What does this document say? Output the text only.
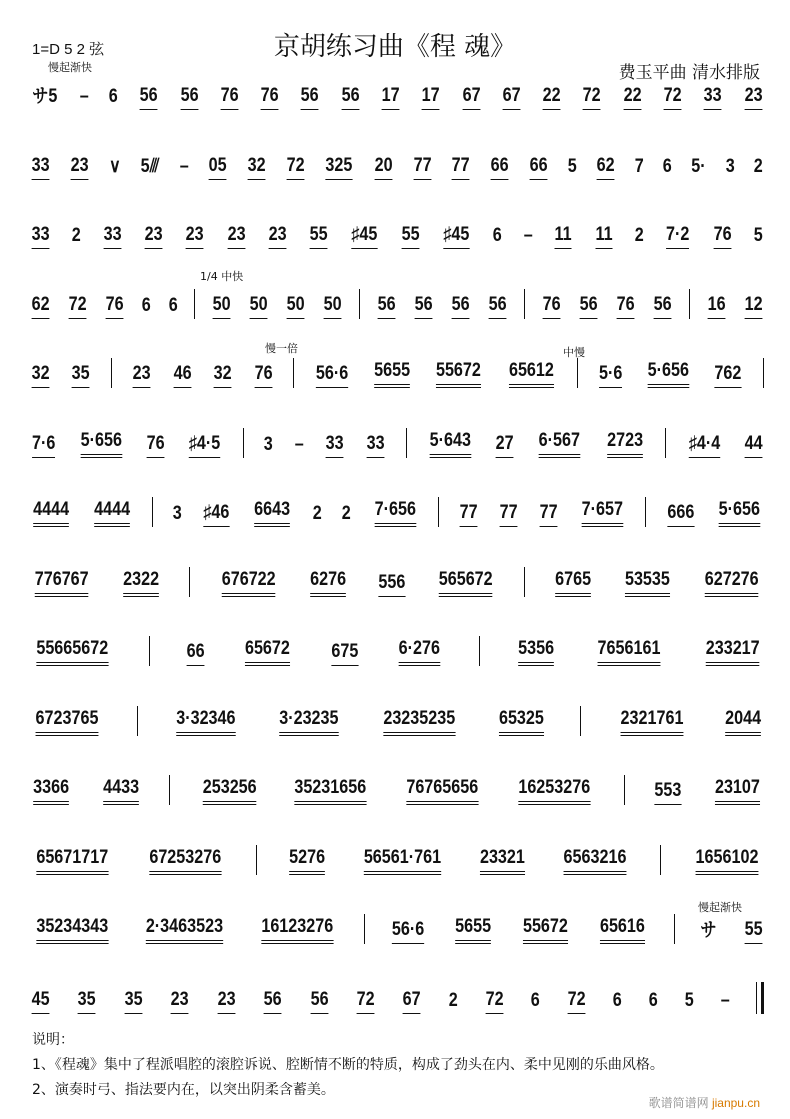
京胡练习曲《程 魂》
1=D 5 2 弦
费玉平曲 清水排版
慢起渐快
1/4 中快
慢一倍	中慢
慢起渐快
サ5 – 6 56 56 76 76 56 56 17 17 67 67 22 72 22 72 33 23
33 23 ∨ 5⫻ – 05 32 72 325 20 77 77 66 66 5 62 7 6 5· 3 2
33 2 33 23 23 23 23 55 ♯45 55 ♯45 6 – 11 11 2 7·2 76 5
62 72 76 6 6 50 50 50 50 56 56 56 56 76 56 76 56 16 12
32 35 23 46 32 76 56·6 5655 55672 65612 5·6 5·656 762
7·6 5·656 76 ♯4·5 3 – 33 33 5·643 27 6·567 2723 ♯4·4 44
4444 4444 3 ♯46 6643 2 2 7·656 77 77 77 7·657 666 5·656
776767 2322	676722 6276 556 565672	6765 53535 627276
55665672	66 65672 675 6·276	5356 7656161 233217
6723765	3·32346 3·23235 23235235 65325	2321761 2044
3366 4433	253256 35231656 76765656 16253276	553 23107
65671717 67253276	5276 56561·761 23321 6563216	1656102
35234343 2·3463523 16123276	56·6 5655 55672 65616	サ 55
45 35 35 23 23 56 56 72 67 2 72 6 72 6 6 5 –
说明：
1、《程魂》集中了程派唱腔的滚腔诉说、腔断情不断的特质，构成了劲头在内、柔中见刚的乐曲风格。
2、演奏时弓、指法要内在，以突出阴柔含蓄美。
歌谱简谱网 jianpu.cn
